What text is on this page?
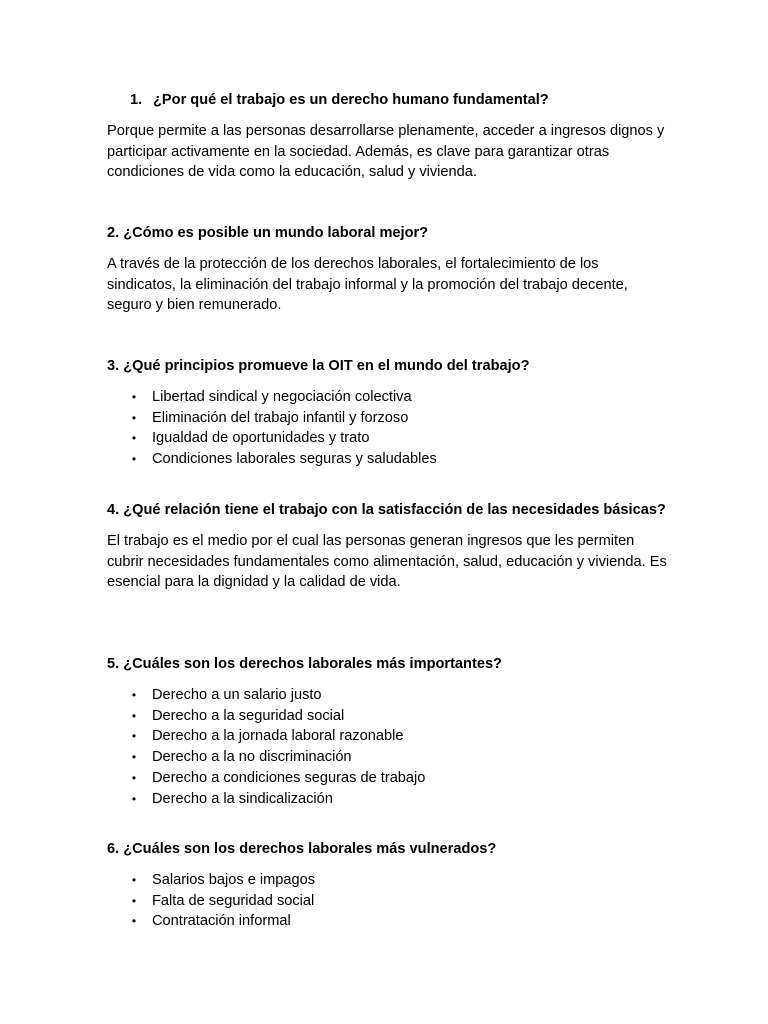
1. ¿Por qué el trabajo es un derecho humano fundamental?

Porque permite a las personas desarrollarse plenamente, acceder a ingresos dignos y participar activamente en la sociedad. Además, es clave para garantizar otras condiciones de vida como la educación, salud y vivienda.

2. ¿Cómo es posible un mundo laboral mejor?

A través de la protección de los derechos laborales, el fortalecimiento de los sindicatos, la eliminación del trabajo informal y la promoción del trabajo decente, seguro y bien remunerado.

3. ¿Qué principios promueve la OIT en el mundo del trabajo?
• Libertad sindical y negociación colectiva
• Eliminación del trabajo infantil y forzoso
• Igualdad de oportunidades y trato
• Condiciones laborales seguras y saludables
4. ¿Qué relación tiene el trabajo con la satisfacción de las necesidades básicas?

El trabajo es el medio por el cual las personas generan ingresos que les permiten cubrir necesidades fundamentales como alimentación, salud, educación y vivienda. Es esencial para la dignidad y la calidad de vida.

5. ¿Cuáles son los derechos laborales más importantes?
• Derecho a un salario justo
• Derecho a la seguridad social
• Derecho a la jornada laboral razonable
• Derecho a la no discriminación
• Derecho a condiciones seguras de trabajo
• Derecho a la sindicalización
6. ¿Cuáles son los derechos laborales más vulnerados?
• Salarios bajos e impagos
• Falta de seguridad social
• Contratación informal
